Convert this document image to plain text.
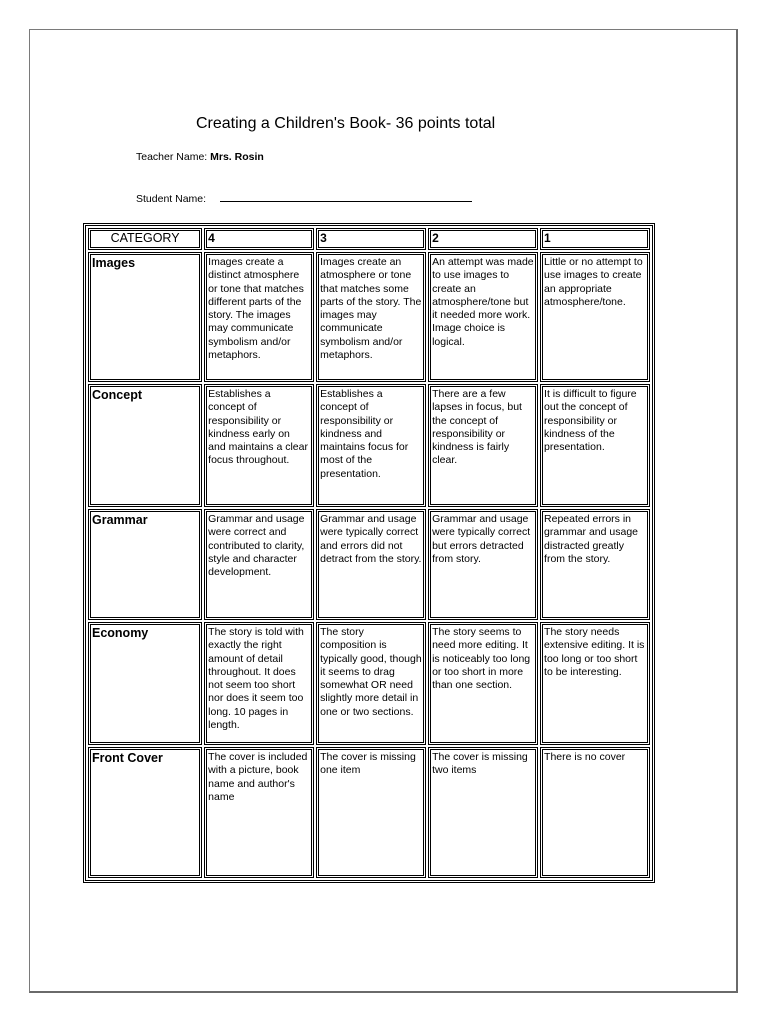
Creating a Children's Book- 36 points total
Teacher Name: Mrs. Rosin
Student Name:
CATEGORY	4	3	2	1
Images	Images create a distinct atmosphere or tone that matches different parts of the story. The images may communicate symbolism and/or metaphors.	Images create an atmosphere or tone that matches some parts of the story. The images may communicate symbolism and/or metaphors.	An attempt was made to use images to create an atmosphere/tone but it needed more work. Image choice is logical.	Little or no attempt to use images to create an appropriate atmosphere/tone.
Concept	Establishes a concept of responsibility or kindness early on and maintains a clear focus throughout.	Establishes a concept of responsibility or kindness and maintains focus for most of the presentation.	There are a few lapses in focus, but the concept of responsibility or kindness is fairly clear.	It is difficult to figure out the concept of responsibility or kindness of the presentation.
Grammar	Grammar and usage were correct and contributed to clarity, style and character development.	Grammar and usage were typically correct and errors did not detract from the story.	Grammar and usage were typically correct but errors detracted from story.	Repeated errors in grammar and usage distracted greatly from the story.
Economy	The story is told with exactly the right amount of detail throughout. It does not seem too short nor does it seem too long. 10 pages in length.	The story composition is typically good, though it seems to drag somewhat OR need slightly more detail in one or two sections.	The story seems to need more editing. It is noticeably too long or too short in more than one section.	The story needs extensive editing. It is too long or too short to be interesting.
Front Cover	The cover is included with a picture, book name and author's name	The cover is missing one item	The cover is missing two items	There is no cover
